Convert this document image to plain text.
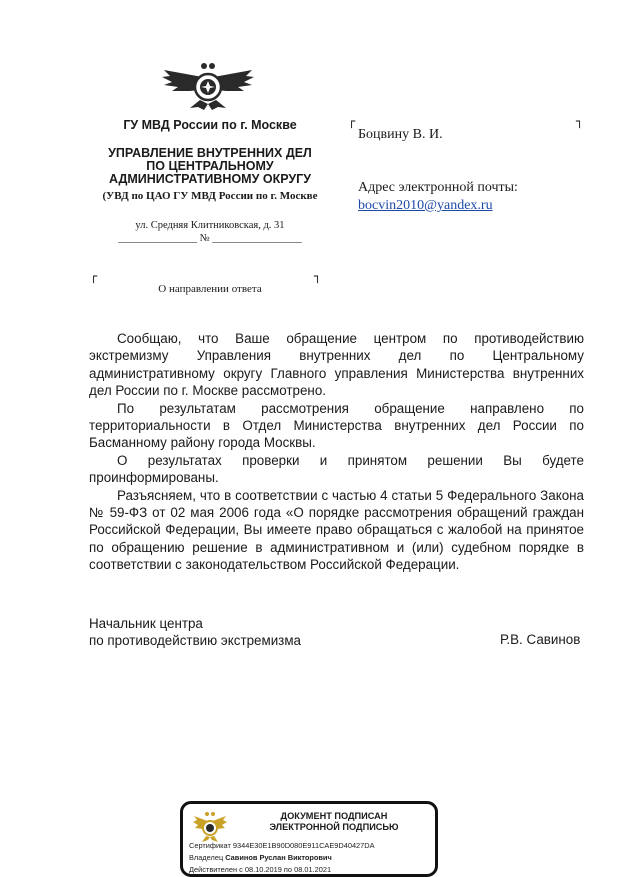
ГУ МВД России по г. Москве
УПРАВЛЕНИЕ ВНУТРЕННИХ ДЕЛ
ПО ЦЕНТРАЛЬНОМУ
АДМИНИСТРАТИВНОМУ ОКРУГУ
(УВД по ЦАО ГУ МВД России по г. Москве
ул. Средняя Клитниковская, д. 31
_______________ № _________________
┌	┐
О направлении ответа
┌	┐
Боцвину В. И.
Адрес электронной почты:
bocvin2010@yandex.ru

Сообщаю, что Ваше обращение центром по противодействию экстремизму Управления внутренних дел по Центральному административному округу Главного управления Министерства внутренних дел России по г. Москве рассмотрено.

По результатам рассмотрения обращение направлено по территориальности в Отдел Министерства внутренних дел России по Басманному району города Москвы.

О результатах проверки и принятом решении Вы будете проинформированы.

Разъясняем, что в соответствии с частью 4 статьи 5 Федерального Закона № 59-ФЗ от 02 мая 2006 года «О порядке рассмотрения обращений граждан Российской Федерации, Вы имеете право обращаться с жалобой на принятое по обращению решение в административном и (или) судебном порядке в соответствии с законодательством Российской Федерации.

Начальник центра
по противодействию экстремизма	Р.В. Савинов
ДОКУМЕНТ ПОДПИСАН
ЭЛЕКТРОННОЙ ПОДПИСЬЮ
Сертификат 9344E30E1B90D080E911CAE9D40427DA
Владелец Савинов Руслан Викторович
Действителен с 08.10.2019 по 08.01.2021
